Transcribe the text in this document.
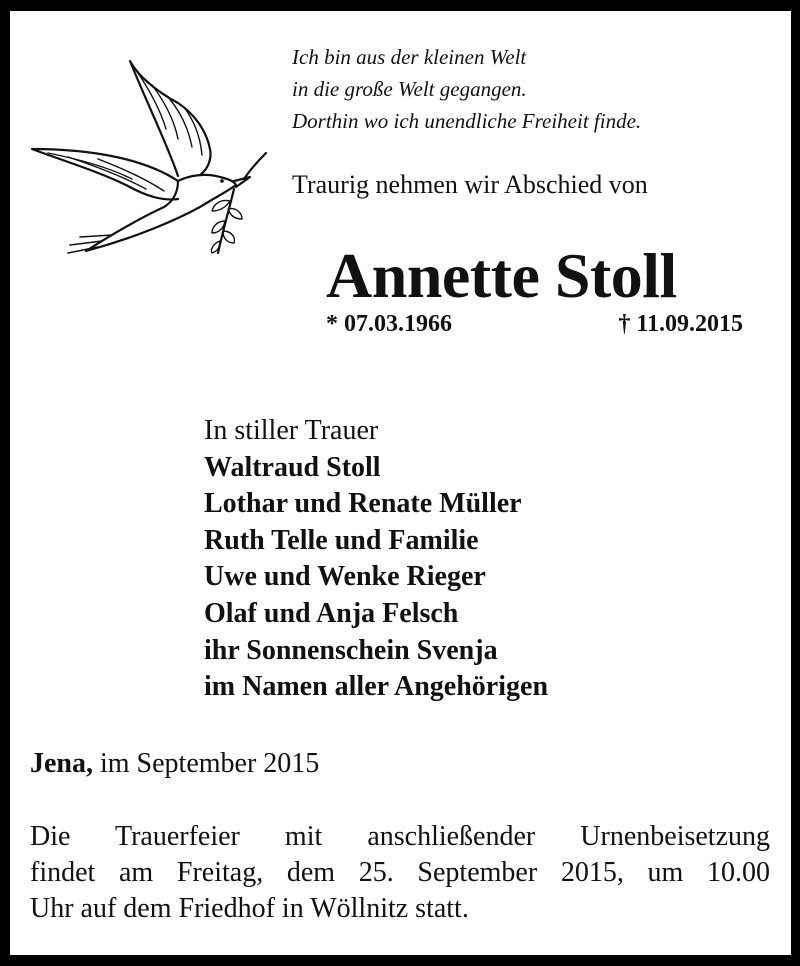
Ich bin aus der kleinen Welt
in die große Welt gegangen.
Dorthin wo ich unendliche Freiheit finde.
Traurig nehmen wir Abschied von
Annette Stoll
* 07.03.1966	† 11.09.2015
In stiller Trauer
Waltraud Stoll
Lothar und Renate Müller
Ruth Telle und Familie
Uwe und Wenke Rieger
Olaf und Anja Felsch
ihr Sonnenschein Svenja
im Namen aller Angehörigen
Jena, im September 2015
Die Trauerfeier mit anschließender Urnenbeisetzung
findet am Freitag, dem 25. September 2015, um 10.00
Uhr auf dem Friedhof in Wöllnitz statt.
